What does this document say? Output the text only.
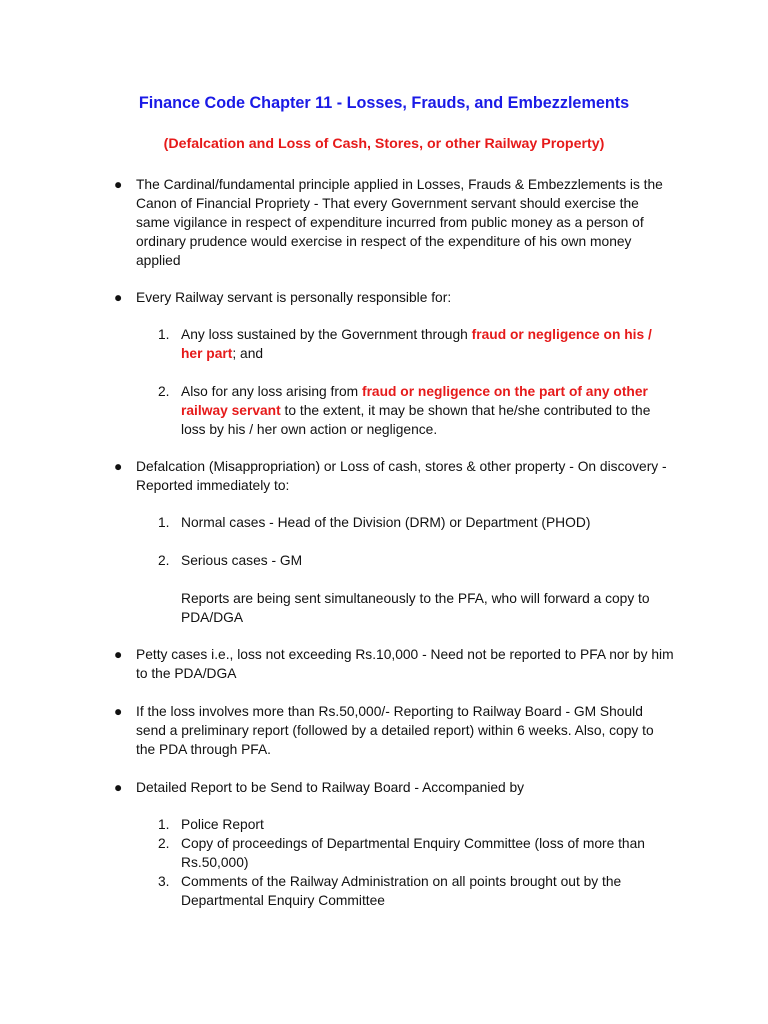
Finance Code Chapter 11 - Losses, Frauds, and Embezzlements
(Defalcation and Loss of Cash, Stores, or other Railway Property)
● The Cardinal/fundamental principle applied in Losses, Frauds & Embezzlements is the Canon of Financial Propriety - That every Government servant should exercise the same vigilance in respect of expenditure incurred from public money as a person of ordinary prudence would exercise in respect of the expenditure of his own money applied
● Every Railway servant is personally responsible for:
1. Any loss sustained by the Government through fraud or negligence on his / her part; and
2. Also for any loss arising from fraud or negligence on the part of any other railway servant to the extent, it may be shown that he/she contributed to the loss by his / her own action or negligence.
● Defalcation (Misappropriation) or Loss of cash, stores & other property - On discovery - Reported immediately to:
1. Normal cases - Head of the Division (DRM) or Department (PHOD)
2. Serious cases - GM
Reports are being sent simultaneously to the PFA, who will forward a copy to PDA/DGA
● Petty cases i.e., loss not exceeding Rs.10,000 - Need not be reported to PFA nor by him to the PDA/DGA
● If the loss involves more than Rs.50,000/- Reporting to Railway Board - GM Should send a preliminary report (followed by a detailed report) within 6 weeks. Also, copy to the PDA through PFA.
● Detailed Report to be Send to Railway Board - Accompanied by
1. Police Report
2. Copy of proceedings of Departmental Enquiry Committee (loss of more than Rs.50,000)
3. Comments of the Railway Administration on all points brought out by the Departmental Enquiry Committee
